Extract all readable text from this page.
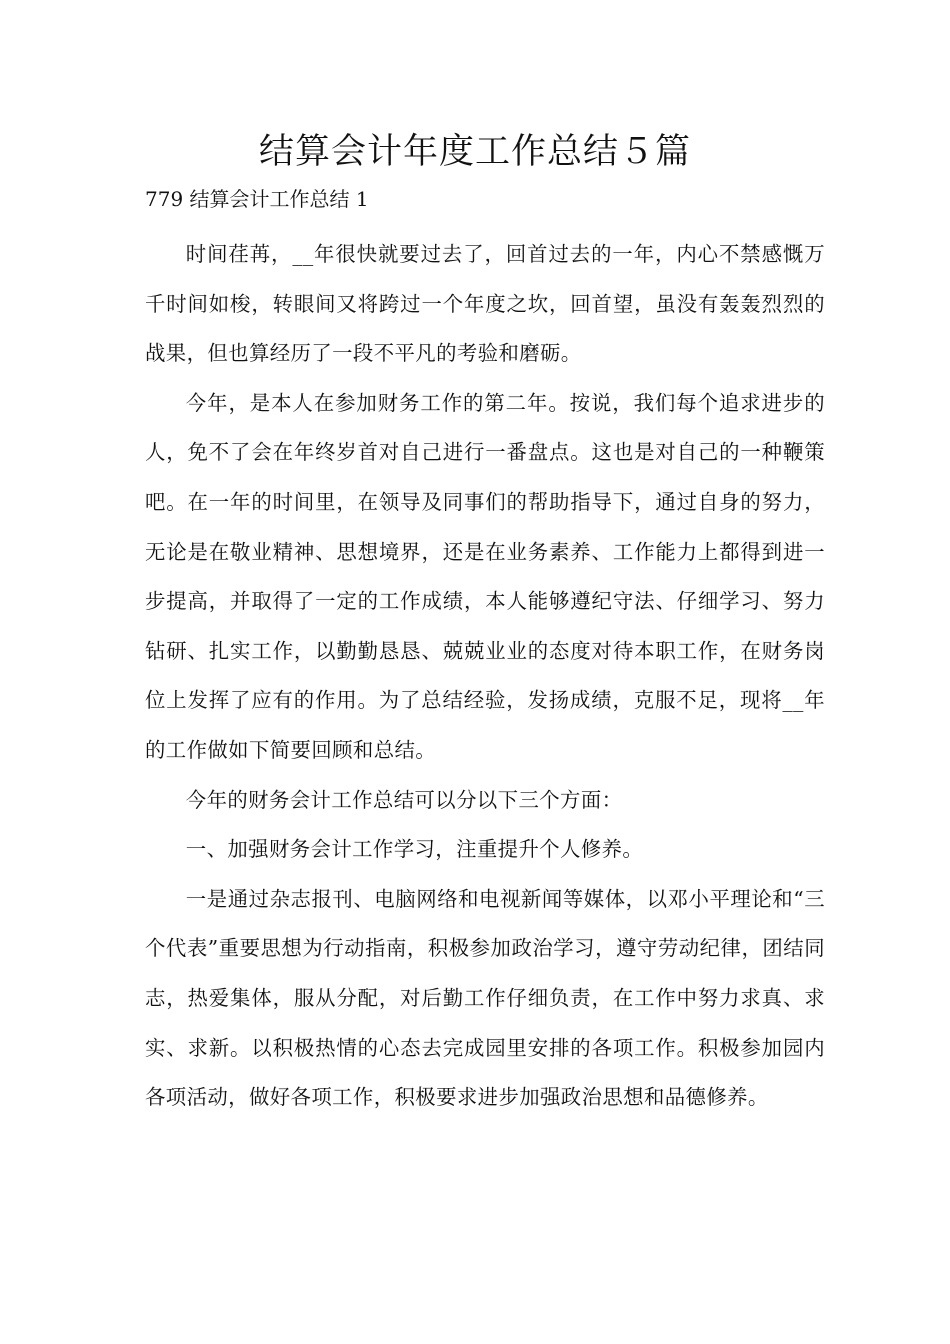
结算会计年度工作总结５篇

779 结算会计工作总结 1

时间荏苒，__年很快就要过去了，回首过去的一年，内心不禁感慨万千时间如梭，转眼间又将跨过一个年度之坎，回首望，虽没有轰轰烈烈的战果，但也算经历了一段不平凡的考验和磨砺。

今年，是本人在参加财务工作的第二年。按说，我们每个追求进步的人，免不了会在年终岁首对自己进行一番盘点。这也是对自己的一种鞭策吧。在一年的时间里，在领导及同事们的帮助指导下，通过自身的努力，无论是在敬业精神、思想境界，还是在业务素养、工作能力上都得到进一步提高，并取得了一定的工作成绩，本人能够遵纪守法、仔细学习、努力钻研、扎实工作，以勤勤恳恳、兢兢业业的态度对待本职工作，在财务岗位上发挥了应有的作用。为了总结经验，发扬成绩，克服不足，现将__年的工作做如下简要回顾和总结。

今年的财务会计工作总结可以分以下三个方面：

一、加强财务会计工作学习，注重提升个人修养。

一是通过杂志报刊、电脑网络和电视新闻等媒体，以邓小平理论和“三个代表”重要思想为行动指南，积极参加政治学习，遵守劳动纪律，团结同志，热爱集体，服从分配，对后勤工作仔细负责，在工作中努力求真、求实、求新。以积极热情的心态去完成园里安排的各项工作。积极参加园内各项活动，做好各项工作，积极要求进步加强政治思想和品德修养。
